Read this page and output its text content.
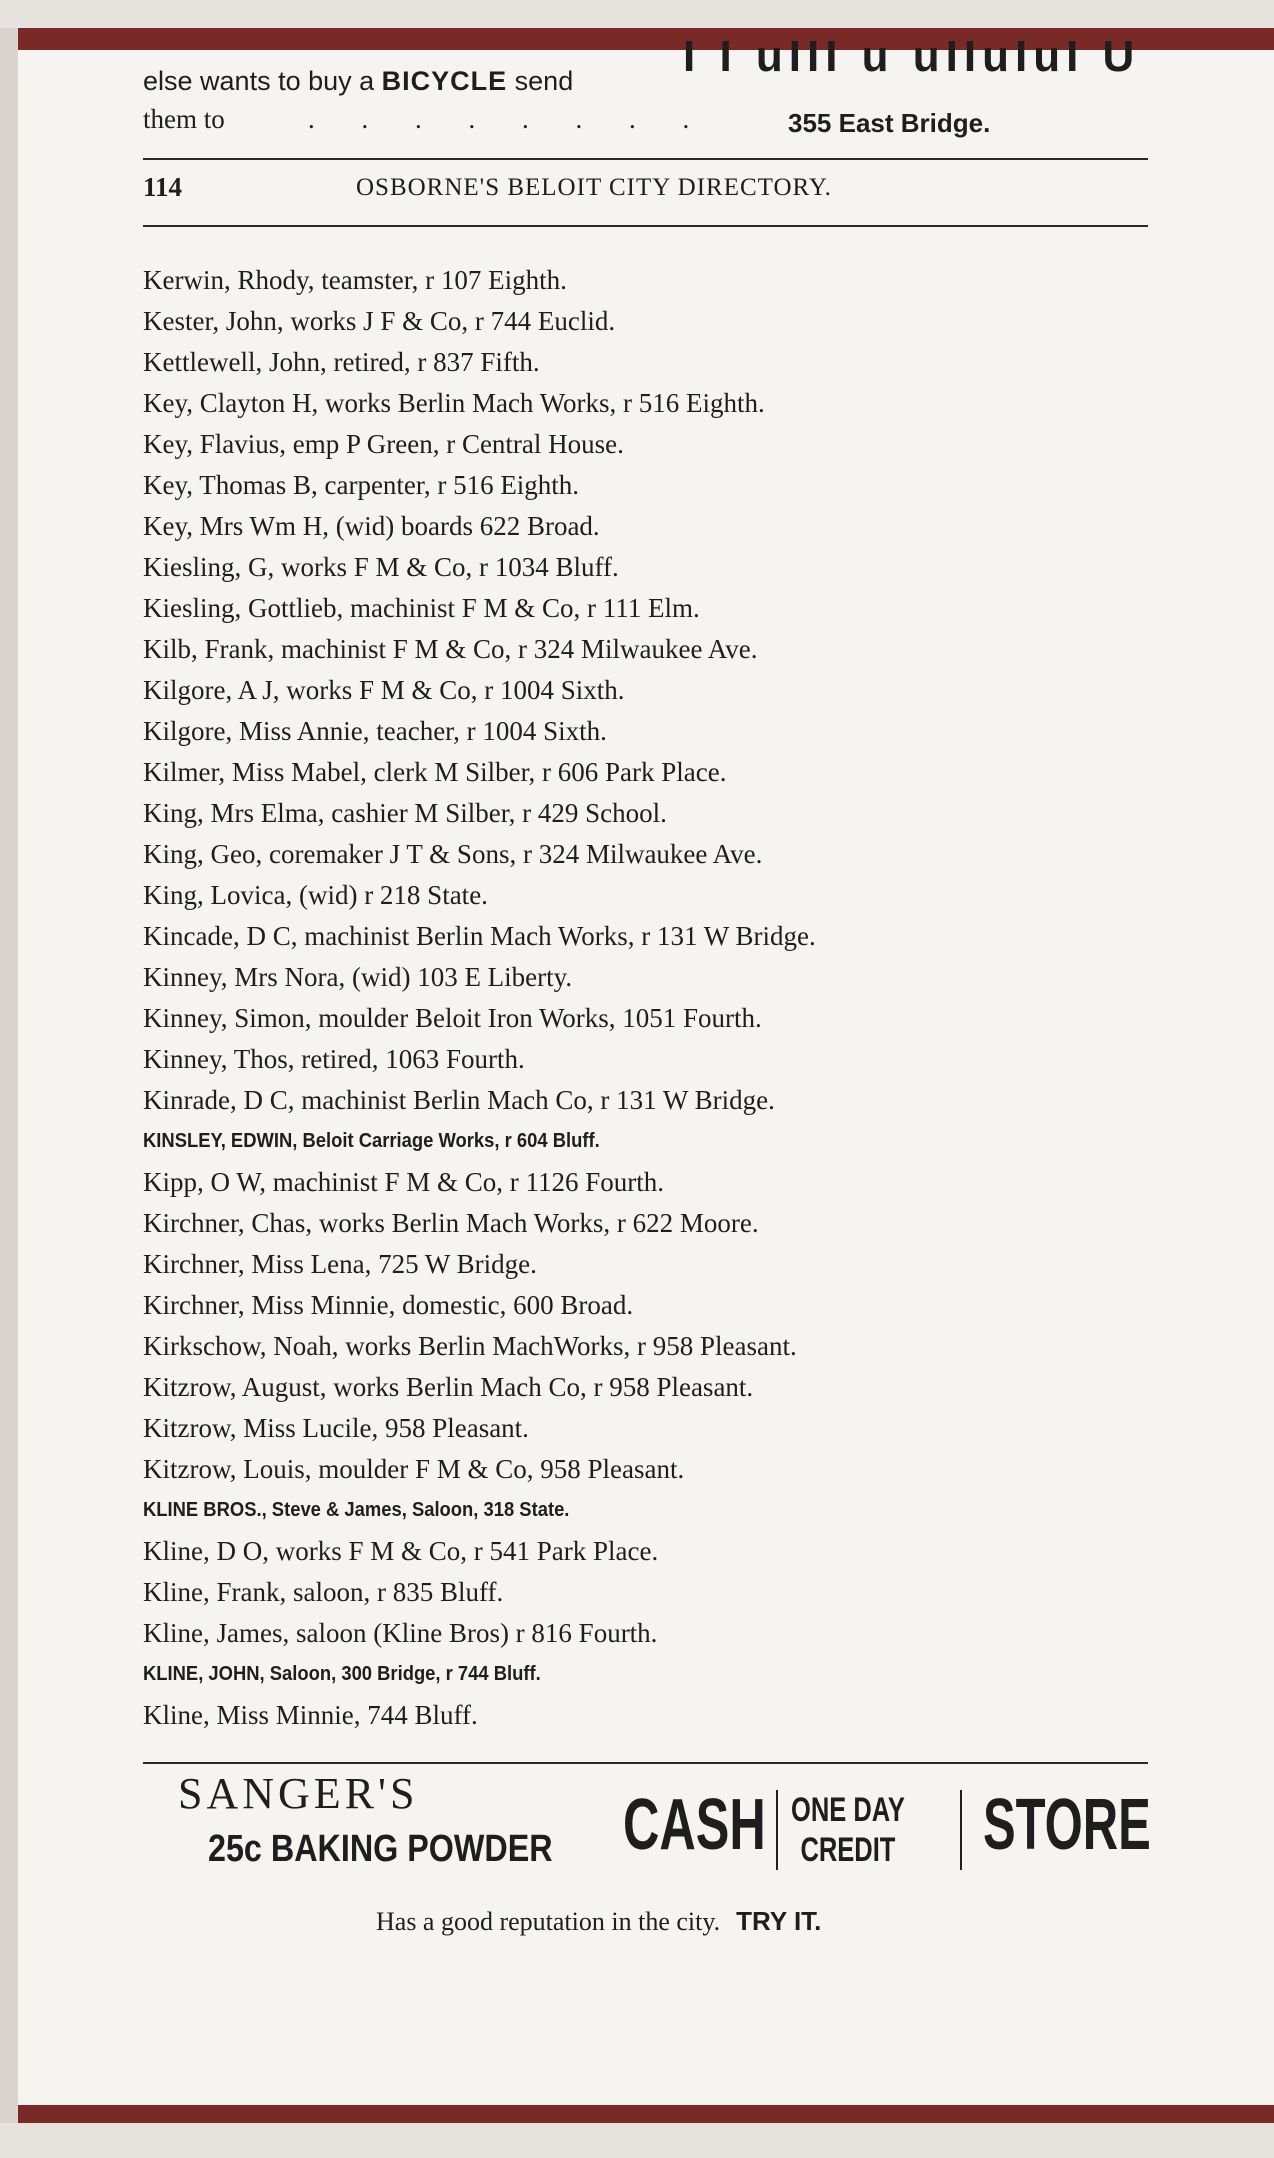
else wants to buy a BICYCLE send
them to	. . . . . . . .
I I uIII u uIIuIuI U
355 East Bridge.
114	OSBORNE'S BELOIT CITY DIRECTORY.
Kerwin, Rhody, teamster, r 107 Eighth.
Kester, John, works J F & Co, r 744 Euclid.
Kettlewell, John, retired, r 837 Fifth.
Key, Clayton H, works Berlin Mach Works, r 516 Eighth.
Key, Flavius, emp P Green, r Central House.
Key, Thomas B, carpenter, r 516 Eighth.
Key, Mrs Wm H, (wid) boards 622 Broad.
Kiesling, G, works F M & Co, r 1034 Bluff.
Kiesling, Gottlieb, machinist F M & Co, r 111 Elm.
Kilb, Frank, machinist F M & Co, r 324 Milwaukee Ave.
Kilgore, A J, works F M & Co, r 1004 Sixth.
Kilgore, Miss Annie, teacher, r 1004 Sixth.
Kilmer, Miss Mabel, clerk M Silber, r 606 Park Place.
King, Mrs Elma, cashier M Silber, r 429 School.
King, Geo, coremaker J T & Sons, r 324 Milwaukee Ave.
King, Lovica, (wid) r 218 State.
Kincade, D C, machinist Berlin Mach Works, r 131 W Bridge.
Kinney, Mrs Nora, (wid) 103 E Liberty.
Kinney, Simon, moulder Beloit Iron Works, 1051 Fourth.
Kinney, Thos, retired, 1063 Fourth.
Kinrade, D C, machinist Berlin Mach Co, r 131 W Bridge.
KINSLEY, EDWIN, Beloit Carriage Works, r 604 Bluff.
Kipp, O W, machinist F M & Co, r 1126 Fourth.
Kirchner, Chas, works Berlin Mach Works, r 622 Moore.
Kirchner, Miss Lena, 725 W Bridge.
Kirchner, Miss Minnie, domestic, 600 Broad.
Kirkschow, Noah, works Berlin MachWorks, r 958 Pleasant.
Kitzrow, August, works Berlin Mach Co, r 958 Pleasant.
Kitzrow, Miss Lucile, 958 Pleasant.
Kitzrow, Louis, moulder F M & Co, 958 Pleasant.
KLINE BROS., Steve & James, Saloon, 318 State.
Kline, D O, works F M & Co, r 541 Park Place.
Kline, Frank, saloon, r 835 Bluff.
Kline, James, saloon (Kline Bros) r 816 Fourth.
KLINE, JOHN, Saloon, 300 Bridge, r 744 Bluff.
Kline, Miss Minnie, 744 Bluff.
SANGER'S
25c BAKING POWDER CASH ONE DAY
CREDIT STORE
Has a good reputation in the city. TRY IT.
